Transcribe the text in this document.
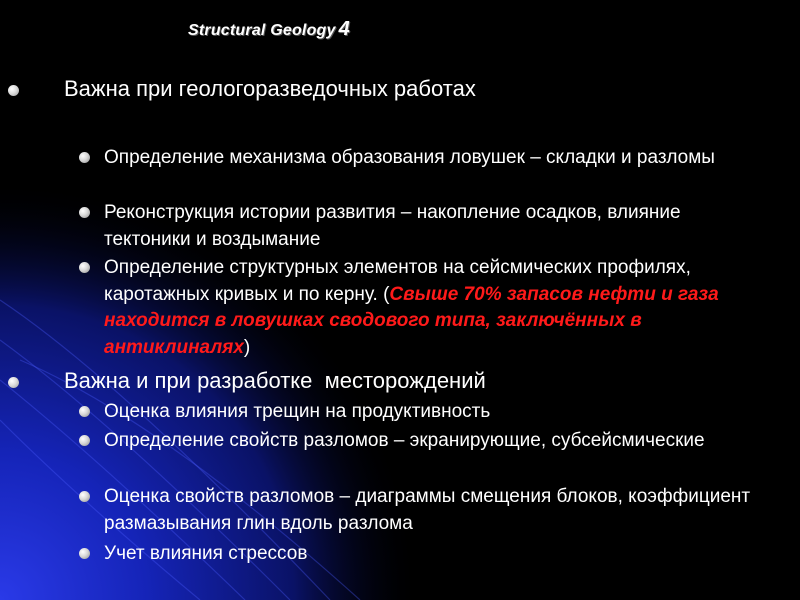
Structural Geology 4
Важна при геологоразведочных работах
Определение механизма образования ловушек – складки и разломы
Реконструкция истории развития – накопление осадков, влияние тектоники и воздымание
Определение структурных элементов на сейсмических профилях, каротажных кривых и по керну. (Свыше 70% запасов нефти и газа находится в ловушках сводового типа, заключённых в антиклиналях)
Важна и при разработке  месторождений
Оценка влияния трещин на продуктивность
Определение свойств разломов – экранирующие, субсейсмические
Оценка свойств разломов – диаграммы смещения блоков, коэффициент размазывания глин вдоль разлома
Учет влияния стрессов
